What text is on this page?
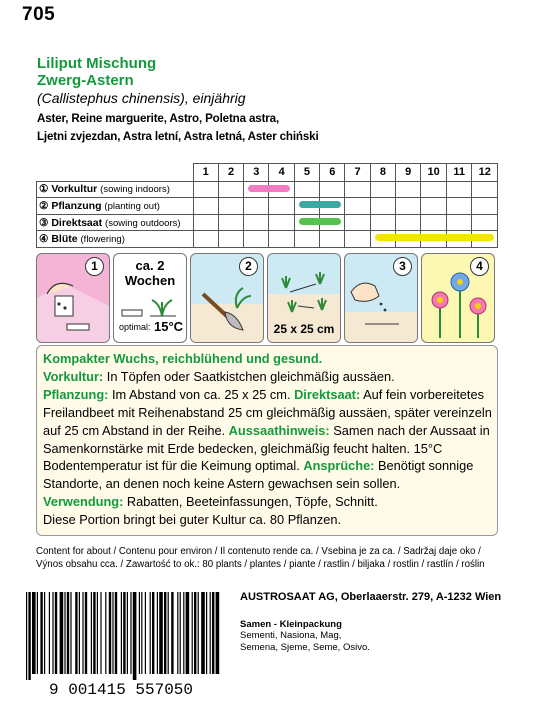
705
Liliput Mischung
Zwerg-Astern
(Callistephus chinensis), einjährig
Aster, Reine marguerite, Astro, Poletna astra,
Ljetni zvjezdan, Astra letní, Astra letná, Aster chiński
	1	2	3	4	5	6	7	8	9	10	11	12
① Vorkultur (sowing indoors)			

② Pflanzung (planting out)					

③ Direktsaat (sowing outdoors)					

④ Blüte (flowering)								

1	ca. 2
Wochen
optimal: 15°C
2
25 x 25 cm
3	4

Kompakter Wuchs, reichblühend und gesund.

Vorkultur: In Töpfen oder Saatkistchen gleichmäßig aussäen.

Pflanzung: Im Abstand von ca. 25 x 25 cm. Direktsaat: Auf fein vorbereitetes Freilandbeet mit Reihenabstand 25 cm gleichmäßig aussäen, später vereinzeln auf 25 cm Abstand in der Reihe. Aussaathinweis: Samen nach der Aussaat in Samenkornstärke mit Erde bedecken, gleichmäßig feucht halten. 15°C Bodentemperatur ist für die Keimung optimal. Ansprüche: Benötigt sonnige Standorte, an denen noch keine Astern gewachsen sein sollen.

Verwendung: Rabatten, Beeteinfassungen, Töpfe, Schnitt.

Diese Portion bringt bei guter Kultur ca. 80 Pflanzen.

Content for about / Contenu pour environ / Il contenuto rende ca. / Vsebina je za ca. / Sadržaj daje oko /
Výnos obsahu cca. / Zawartość to ok.: 80 plants / plantes / piante / rastlin / biljaka / rostlin / rastlín / roślin
9 001415 557050
AUSTROSAAT AG, Oberlaaerstr. 279, A-1232 Wien
Samen - Kleinpackung
Sementi, Nasiona, Mag,
Semena, Sjeme, Seme, Osivo.
